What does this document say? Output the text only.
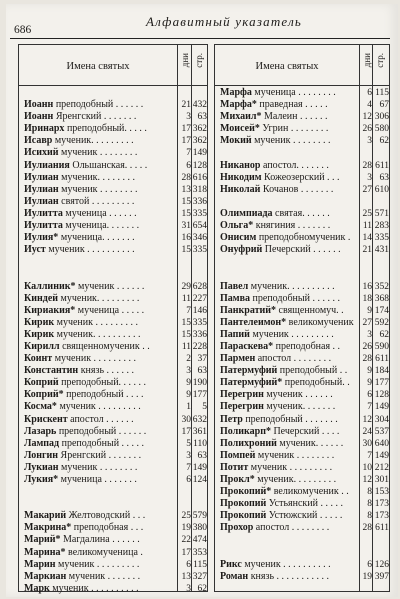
686
Алфавитный указатель
Имена святых	дни стр.
Иоанн преподобный . . . . . .	21 432
Иоанн Яренгский . . . . . . .	3 63
Иринарх преподобный. . . . .	17 362
Исавр мученик. . . . . . . . .	17 362
Исихий мученик . . . . . . . .	7 149
Иулиания Ольшанская. . . . .	6 128
Иулиан мученик. . . . . . . .	28 616
Иулиан мученик . . . . . . . .	13 318
Иулиан святой . . . . . . . . .	15 336
Иулитта мученица . . . . . .	15 335
Иулитта мученица. . . . . . .	31 654
Иулия* мученица. . . . . . .	16 346
Иуст мученик . . . . . . . . . .	15 335
Каллиник* мученик . . . . . .	29 628
Киндей мученик. . . . . . . . .	11 227
Кириакия* мученица . . . . .	7 146
Кирик мученик . . . . . . . . .	15 335
Кирик мученик. . . . . . . . . .	15 336
Кирилл священномученик . .	11 228
Коинт мученик . . . . . . . . .	2 37
Константин князь . . . . . .	3 63
Коприй преподобный. . . . . .	9 190
Коприй* преподобный . . . .	9 177
Косма* мученик . . . . . . . . .	1	5
Крискент апостол . . . . . .	30 632
Лазарь преподобный . . . . . .	17 361
Лампад преподобный . . . . .	5 110
Лонгин Яренгский . . . . . . .	3 63
Лукиан мученик . . . . . . . .	7 149
Лукия* мученица . . . . . . .	6 124
Макарий Желтоводский . . .	25 579
Макрина* преподобная . . .	19 380
Марий* Магдалина . . . . . .	22 474
Марина* великомученица .	17 353
Марин мученик . . . . . . . . .	6 115
Маркиан мученик . . . . . . .	13 327
Марк мученик . . . . . . . . . .	3 62
Имена святых	дни стр.
Марфа мученица . . . . . . . .	6 115
Марфа* праведная . . . . .	4 67
Михаил* Малеин . . . . . .	12 306
Моисей* Угрин . . . . . . . .	26 580
Мокий мученик . . . . . . . .	3 62
Никанор апостол. . . . . . .	28 611
Никодим Кожеозерский . . .	3 63
Николай Кочанов . . . . . . .	27 610
Олимпиада святая. . . . . .	25 571
Ольга* княгиния . . . . . . .	11 283
Онисим преподобномученик .	14 335
Онуфрий Печерский . . . . . .	21 431
Павел мученик. . . . . . . . . .	16 352
Памва преподобный . . . . . .	18 368
Панкратий* священномуч. .	9 174
Пантелеимон* великомученик 27 592
Папий мученик . . . . . . . . .	3 62
Параскева* преподобная . .	26 590
Пармен апостол . . . . . . . .	28 611
Патермуфий преподобный . .	9 184
Патермуфий* преподобный. .	9 177
Перегрин мученик . . . . . .	6 128
Перегрин мученик. . . . . . .	7 149
Петр преподобный . . . . . . .	12 304
Поликарп* Печерский . . . .	24 537
Полихроний мученик. . . . . .	30 640
Помпей мученик . . . . . . . .	7 149
Потит мученик . . . . . . . . .	10 212
Прокл* мученик. . . . . . . . .	12 301
Прокопий* великомученик . .	8 153
Прокопий Устьянский . . . . .	8 173
Прокопий Устюжский . . . . .	8 173
Прохор апостол . . . . . . . .	28 611
Рикс мученик . . . . . . . . . .	6 126
Роман князь . . . . . . . . . . .	19 397
